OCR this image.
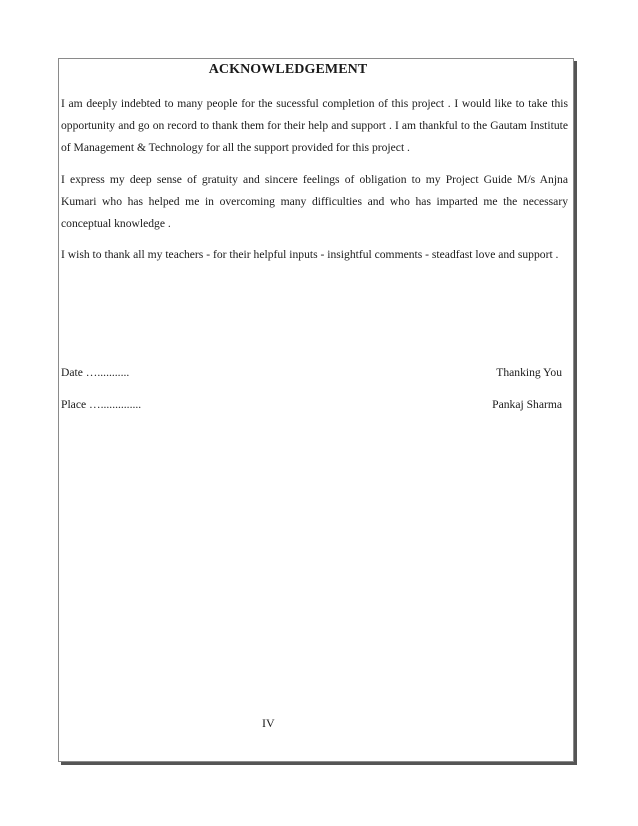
ACKNOWLEDGEMENT

I am deeply indebted to many people for the sucessful completion of this project . I would like to take this opportunity and go on record to thank them for their help and support . I am thankful to the Gautam Institute of Management & Technology for all the support provided for this project .

I express my deep sense of gratuity and sincere feelings of obligation to my Project Guide M/s Anjna Kumari who has helped me in overcoming many difficulties and who has imparted me the necessary conceptual knowledge .

I wish to thank all my teachers - for their helpful inputs - insightful comments - steadfast love and support .

Date …...........
Place …..............
Thanking You
Pankaj Sharma
IV
